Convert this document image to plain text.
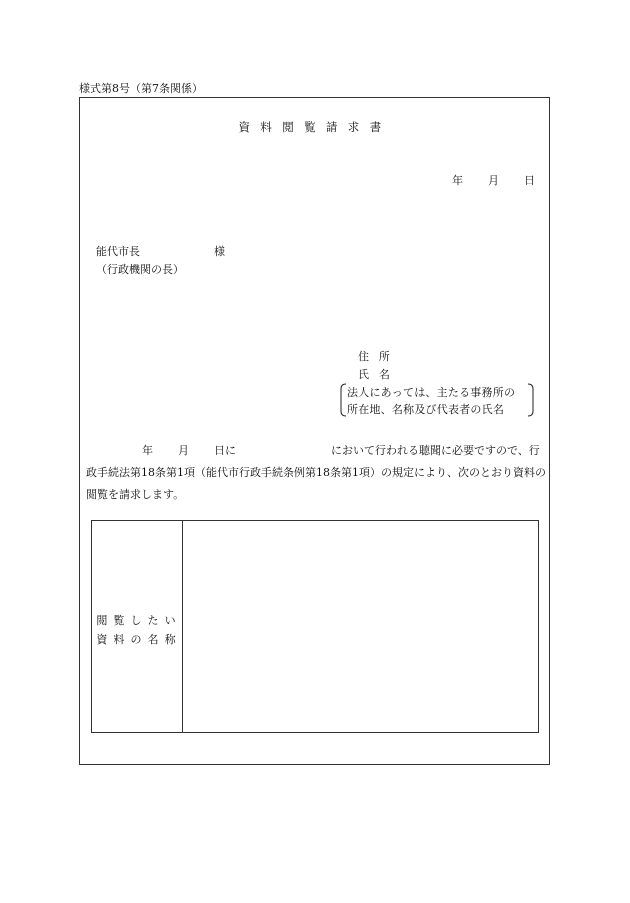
様式第8号（第7条関係）
資料閲覧請求書
年 月 日
能代市長	様
（行政機関の長）
住所
氏名
法人にあっては、主たる事務所の
所在地、名称及び代表者の氏名
年 月 日に	において行われる聴聞に必要ですので、行
政手続法第18条第1項（能代市行政手続条例第18条第1項）の規定により、次のとおり資料の
閲覧を請求します。
閲覧したい
資料の名称
